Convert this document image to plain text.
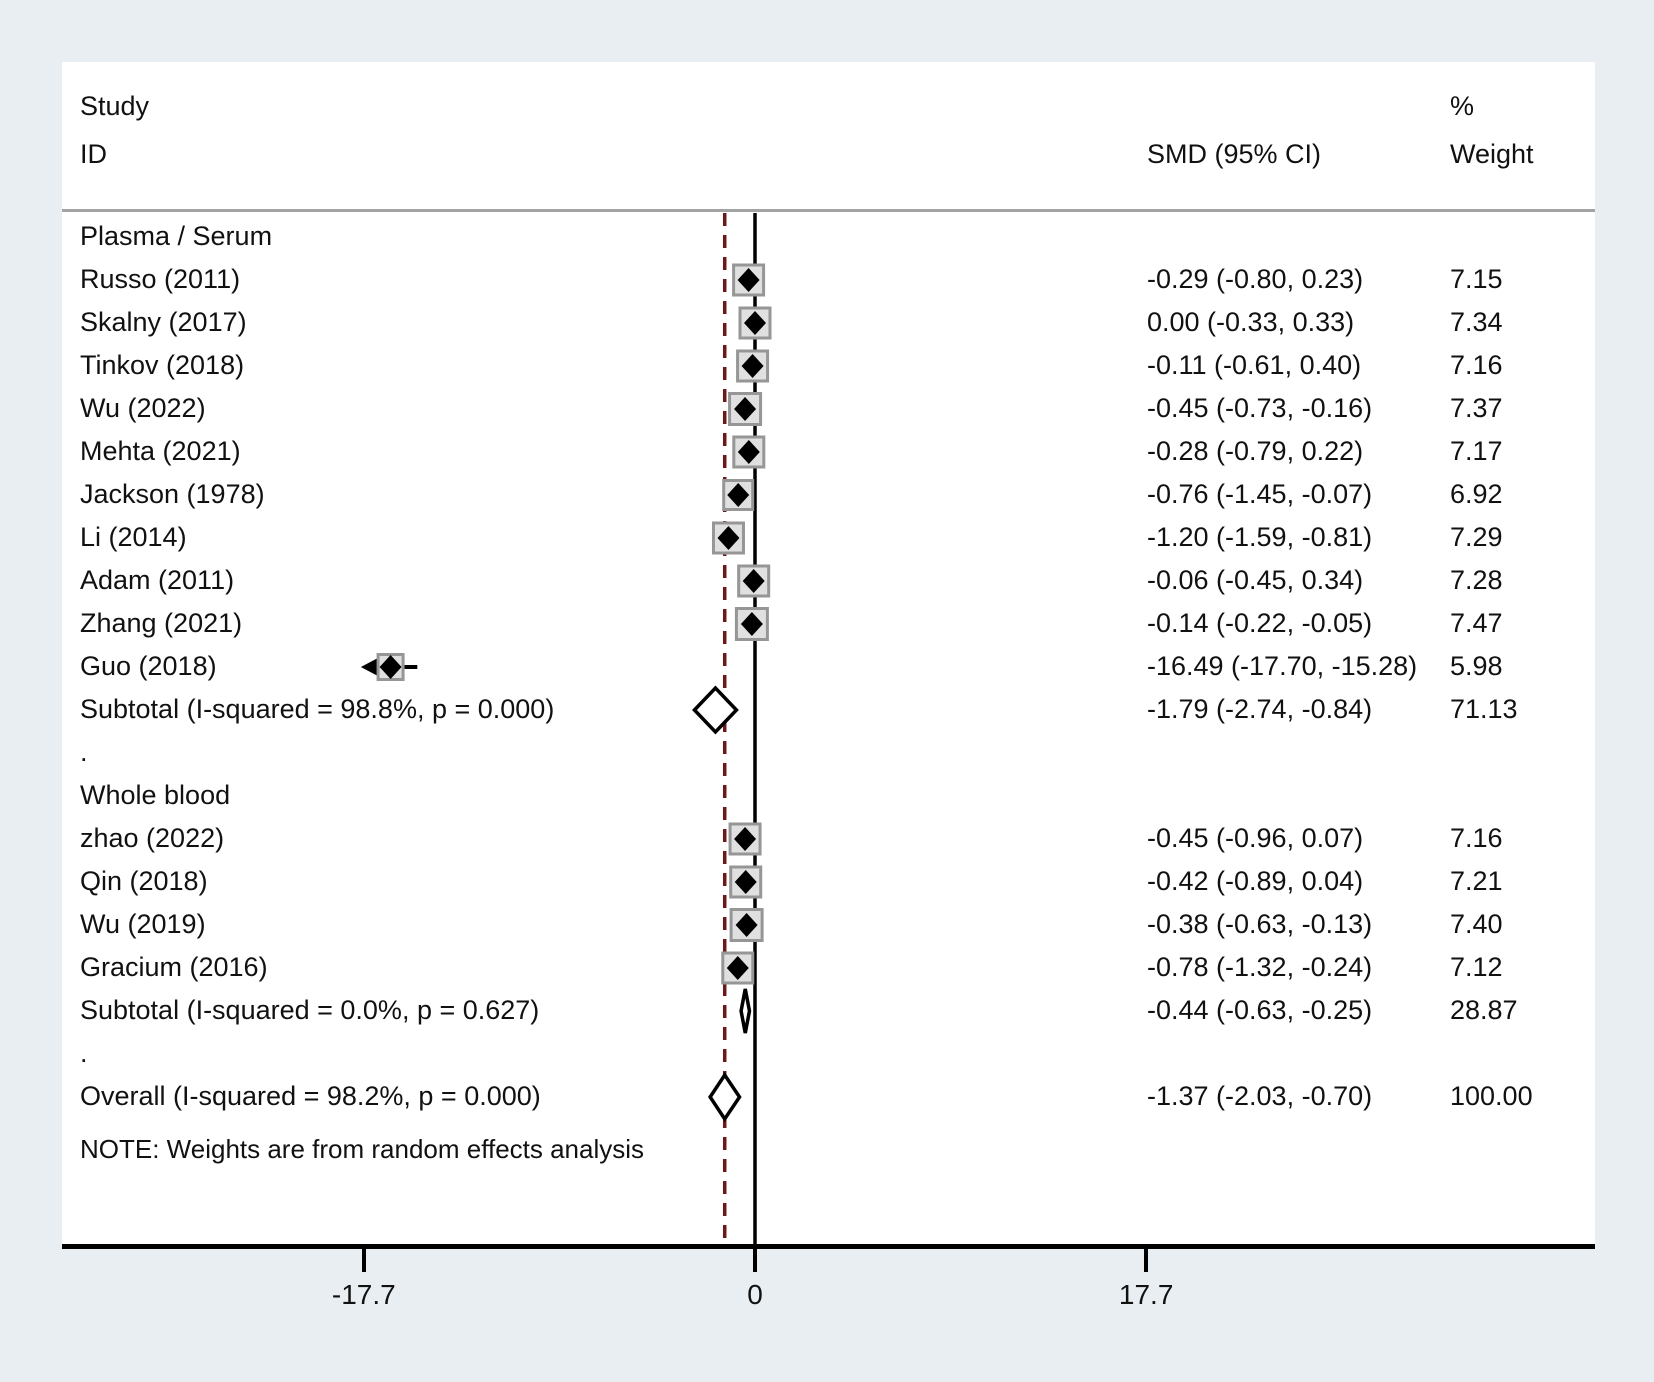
Study
ID	SMD (95% CI)
%
Weight
Plasma / Serum
Russo (2011)	-0.29 (-0.80, 0.23)	7.15
Skalny (2017)	0.00 (-0.33, 0.33)	7.34
Tinkov (2018)	-0.11 (-0.61, 0.40)	7.16
Wu (2022)	-0.45 (-0.73, -0.16)	7.37
Mehta (2021)	-0.28 (-0.79, 0.22)	7.17
Jackson (1978)	-0.76 (-1.45, -0.07)	6.92
Li (2014)	-1.20 (-1.59, -0.81)	7.29
Adam (2011)	-0.06 (-0.45, 0.34)	7.28
Zhang (2021)	-0.14 (-0.22, -0.05)	7.47
Guo (2018)	-16.49 (-17.70, -15.28) 5.98
Subtotal (I-squared = 98.8%, p = 0.000)	-1.79 (-2.74, -0.84)	71.13
.
Whole blood
zhao (2022)	-0.45 (-0.96, 0.07)	7.16
Qin (2018)	-0.42 (-0.89, 0.04)	7.21
Wu (2019)	-0.38 (-0.63, -0.13)	7.40
Gracium (2016)	-0.78 (-1.32, -0.24)	7.12
Subtotal (I-squared = 0.0%, p = 0.627)	-0.44 (-0.63, -0.25)	28.87
.
Overall (I-squared = 98.2%, p = 0.000)	-1.37 (-2.03, -0.70)	100.00
NOTE: Weights are from random effects analysis
-17.7	0	17.7
